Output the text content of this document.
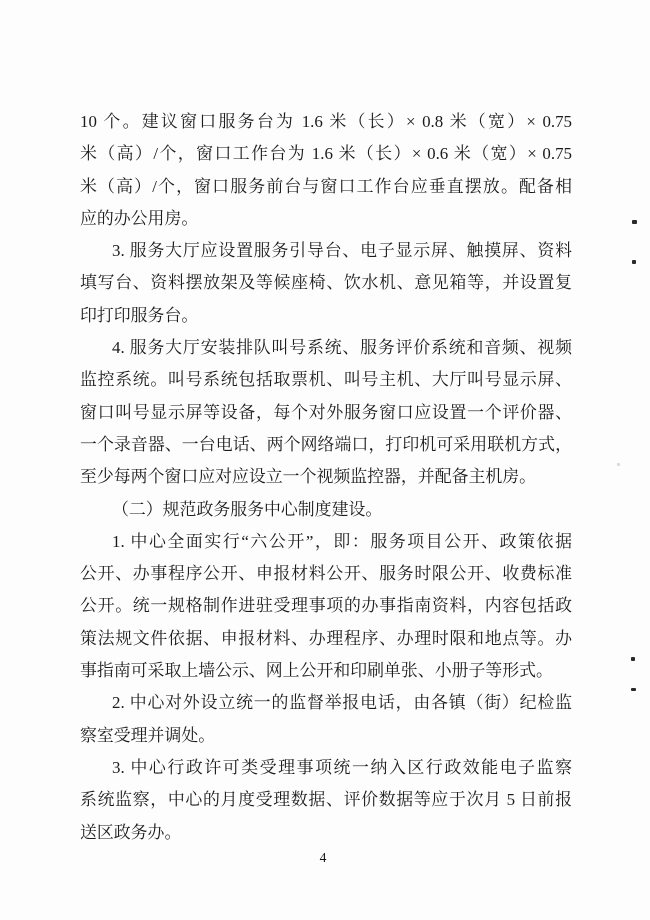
10 个。建议窗口服务台为 1.6 米（长）× 0.8 米（宽）× 0.75
米（高）/个，窗口工作台为 1.6 米（长）× 0.6 米（宽）× 0.75
米（高）/个，窗口服务前台与窗口工作台应垂直摆放。配备相
应的办公用房。

3. 服务大厅应设置服务引导台、电子显示屏、触摸屏、资料
填写台、资料摆放架及等候座椅、饮水机、意见箱等，并设置复
印打印服务台。

4. 服务大厅安装排队叫号系统、服务评价系统和音频、视频
监控系统。叫号系统包括取票机、叫号主机、大厅叫号显示屏、
窗口叫号显示屏等设备，每个对外服务窗口应设置一个评价器、
一个录音器、一台电话、两个网络端口，打印机可采用联机方式，
至少每两个窗口应对应设立一个视频监控器，并配备主机房。

（二）规范政务服务中心制度建设。

1. 中心全面实行“六公开”，即：服务项目公开、政策依据
公开、办事程序公开、申报材料公开、服务时限公开、收费标准
公开。统一规格制作进驻受理事项的办事指南资料，内容包括政
策法规文件依据、申报材料、办理程序、办理时限和地点等。办
事指南可采取上墙公示、网上公开和印刷单张、小册子等形式。

2. 中心对外设立统一的监督举报电话，由各镇（街）纪检监
察室受理并调处。

3. 中心行政许可类受理事项统一纳入区行政效能电子监察
系统监察，中心的月度受理数据、评价数据等应于次月 5 日前报
送区政务办。

4
